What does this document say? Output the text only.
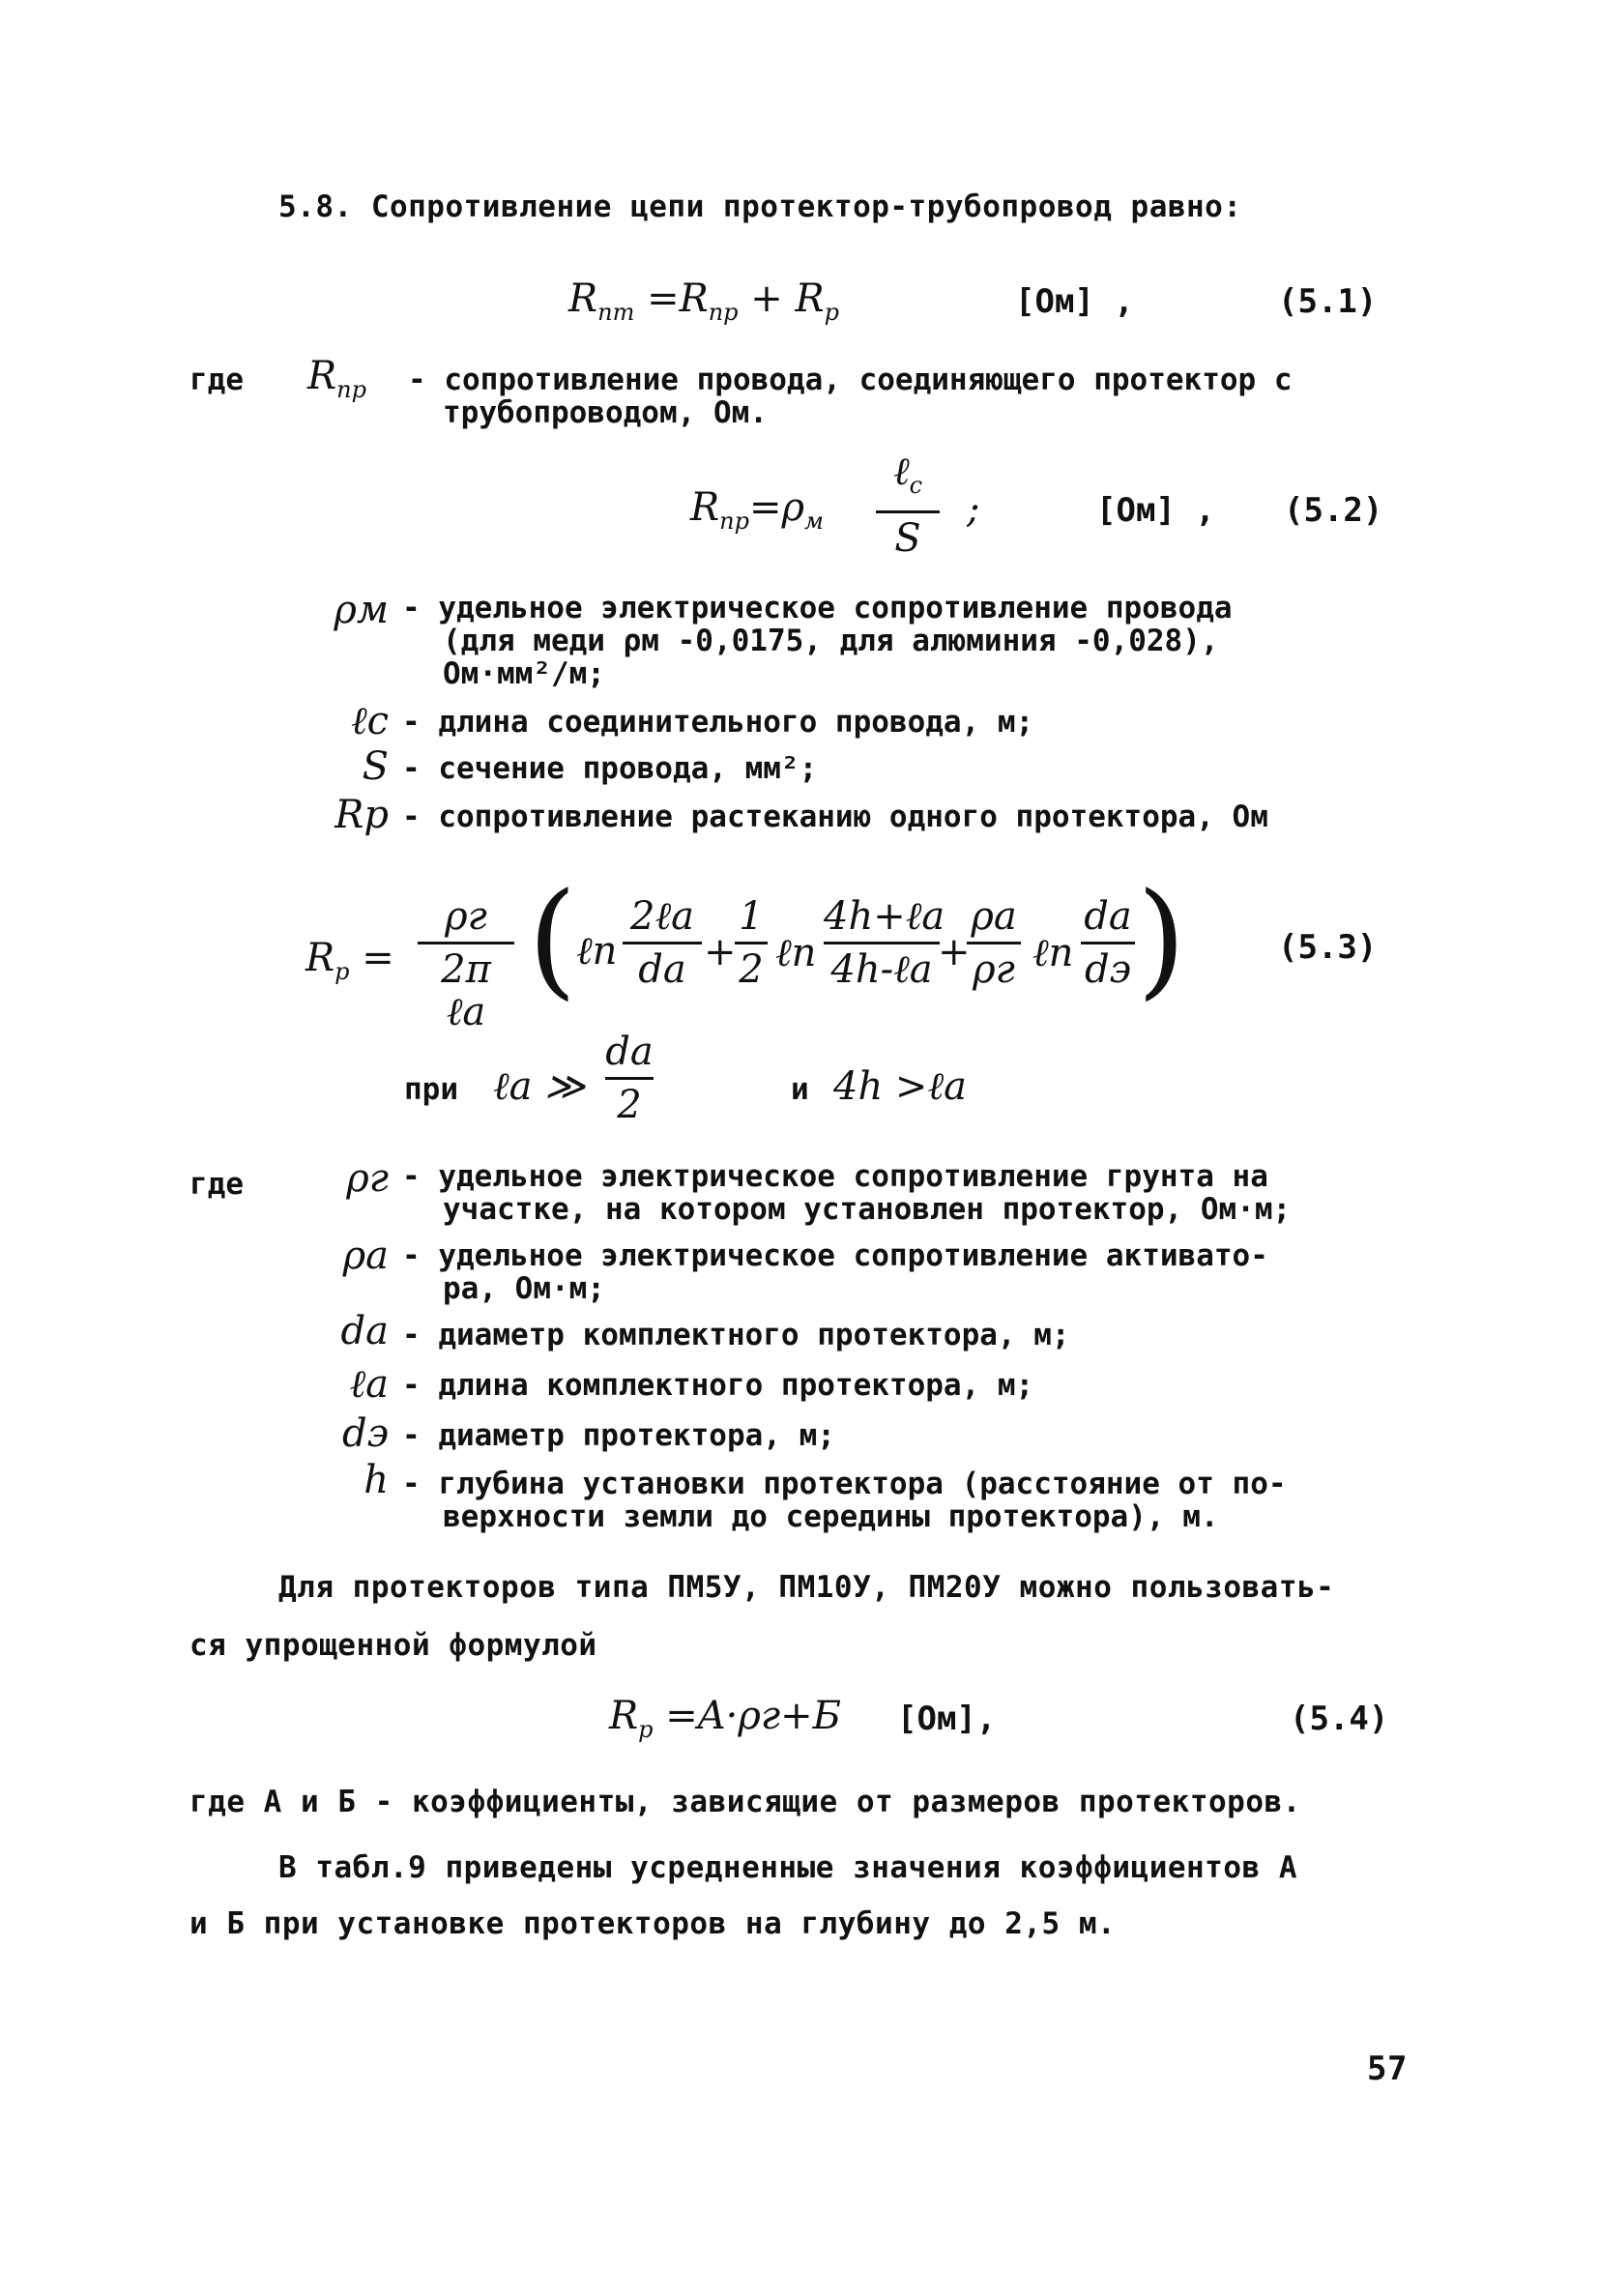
5.8. Сопротивление цепи протектор-трубопровод равно:
$R_{пт} =R_{пр} + R_р$	[Ом] ,	(5.1)
где $R_{пр}$ - сопротивление провода, соединяющего протектор с
трубопроводом, Ом.
$R_{пр}=\rho_м$
ℓ$_с$
S
;	[Ом] , (5.2)
ρм - удельное электрическое сопротивление провода
(для меди ρм -0,0175, для алюминия -0,028),
Ом·мм²/м;
ℓс - длина соединительного провода, м;
S - сечение провода, мм²;
Rр - сопротивление растеканию одного протектора, Ом
$R_р$ =
ρг
2π ℓа ( ℓn
2ℓа
dа +
1
2 ℓn
4h+ℓа
4h-ℓа +
ρа
ρг ℓn
dа
dэ )	(5.3)
при ℓа ≫
dа
2	и 4h >ℓа
где	ρг - удельное электрическое сопротивление грунта на
участке, на котором установлен протектор, Ом·м;
ρа - удельное электрическое сопротивление активато-
ра, Ом·м;
dа - диаметр комплектного протектора, м;
ℓа - длина комплектного протектора, м;
dэ - диаметр протектора, м;
h - глубина установки протектора (расстояние от по-
верхности земли до середины протектора), м.
Для протекторов типа ПМ5У, ПМ10У, ПМ20У можно пользовать-
ся упрощенной формулой
$R_р =A\cdot\rho г+Б$ [Ом],	(5.4)
где А и Б - коэффициенты, зависящие от размеров протекторов.
В табл.9 приведены усредненные значения коэффициентов А
и Б при установке протекторов на глубину до 2,5 м.
57
